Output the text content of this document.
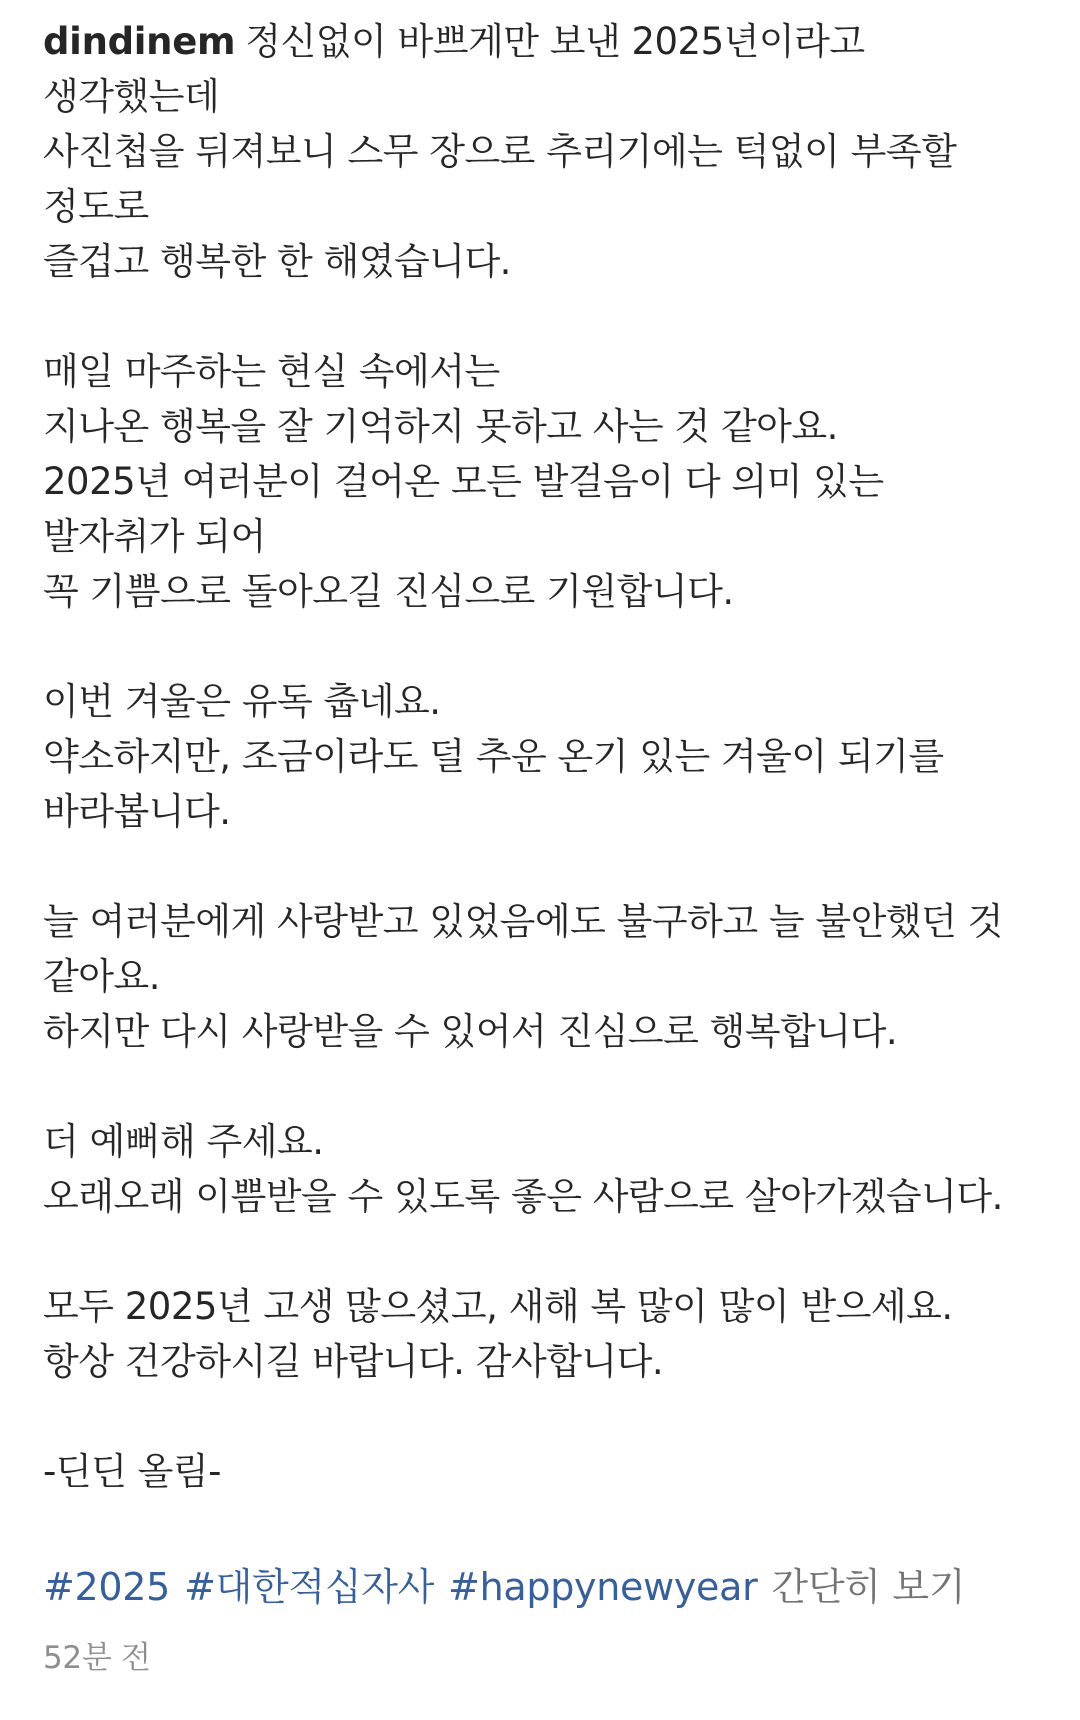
dindinem 정신없이 바쁘게만 보낸 2025년이라고
생각했는데
사진첩을 뒤져보니 스무 장으로 추리기에는 턱없이 부족할
정도로
즐겁고 행복한 한 해였습니다.
매일 마주하는 현실 속에서는
지나온 행복을 잘 기억하지 못하고 사는 것 같아요.
2025년 여러분이 걸어온 모든 발걸음이 다 의미 있는
발자취가 되어
꼭 기쁨으로 돌아오길 진심으로 기원합니다.
이번 겨울은 유독 춥네요.
약소하지만, 조금이라도 덜 추운 온기 있는 겨울이 되기를
바라봅니다.
늘 여러분에게 사랑받고 있었음에도 불구하고 늘 불안했던 것
같아요.
하지만 다시 사랑받을 수 있어서 진심으로 행복합니다.
더 예뻐해 주세요.
오래오래 이쁨받을 수 있도록 좋은 사람으로 살아가겠습니다.
모두 2025년 고생 많으셨고, 새해 복 많이 많이 받으세요.
항상 건강하시길 바랍니다. 감사합니다.
-딘딘 올림-
#2025 #대한적십자사 #happynewyear 간단히 보기
52분 전
